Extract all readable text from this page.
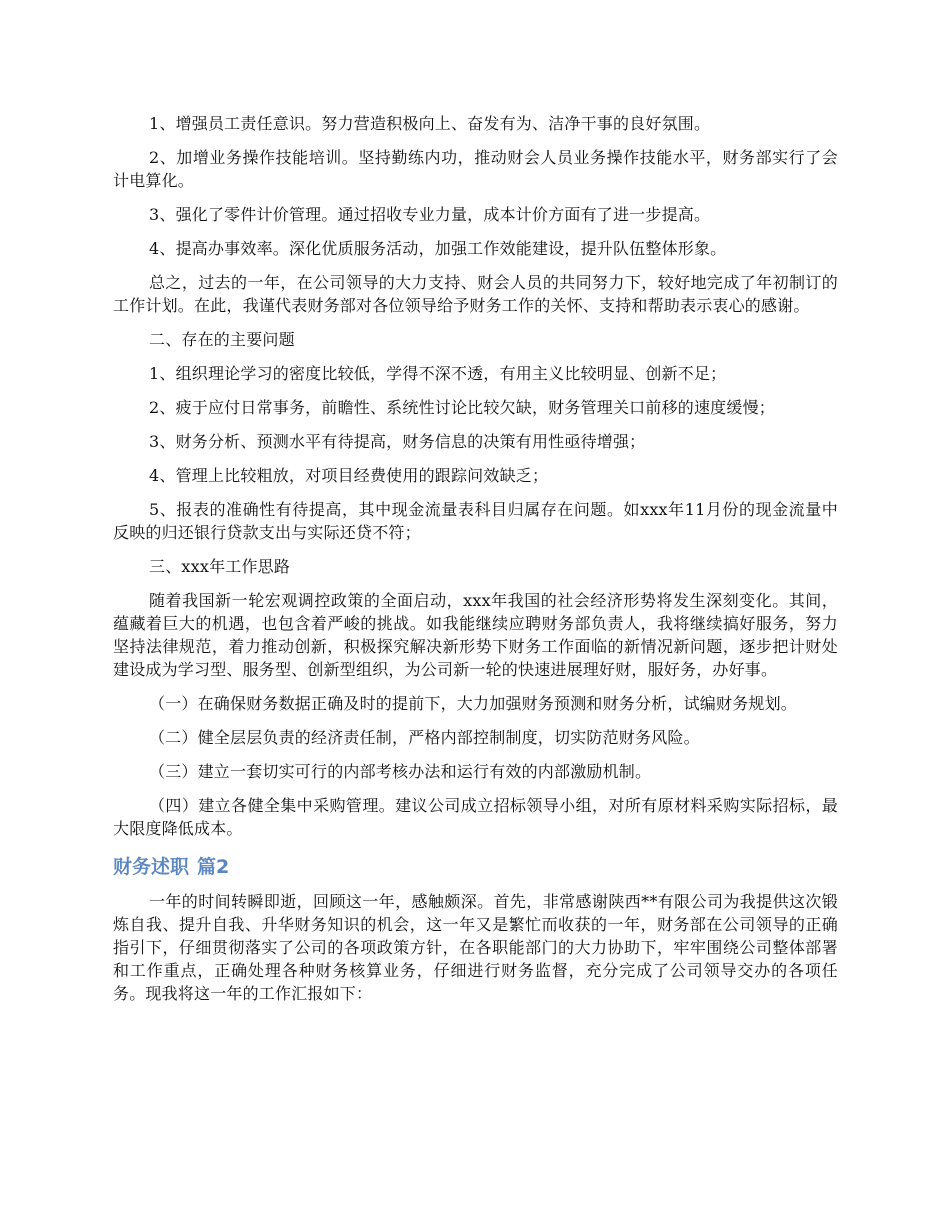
1、增强员工责任意识。努力营造积极向上、奋发有为、洁净干事的良好氛围。

2、加增业务操作技能培训。坚持勤练内功，推动财会人员业务操作技能水平，财务部实行了会计电算化。

3、强化了零件计价管理。通过招收专业力量，成本计价方面有了进一步提高。

4、提高办事效率。深化优质服务活动，加强工作效能建设，提升队伍整体形象。

总之，过去的一年，在公司领导的大力支持、财会人员的共同努力下，较好地完成了年初制订的工作计划。在此，我谨代表财务部对各位领导给予财务工作的关怀、支持和帮助表示衷心的感谢。

二、存在的主要问题

1、组织理论学习的密度比较低，学得不深不透，有用主义比较明显、创新不足；

2、疲于应付日常事务，前瞻性、系统性讨论比较欠缺，财务管理关口前移的速度缓慢；

3、财务分析、预测水平有待提高，财务信息的决策有用性亟待增强；

4、管理上比较粗放，对项目经费使用的跟踪问效缺乏；

5、报表的准确性有待提高，其中现金流量表科目归属存在问题。如xxx年11月份的现金流量中反映的归还银行贷款支出与实际还贷不符；

三、xxx年工作思路

随着我国新一轮宏观调控政策的全面启动，xxx年我国的社会经济形势将发生深刻变化。其间，蕴藏着巨大的机遇，也包含着严峻的挑战。如我能继续应聘财务部负责人，我将继续搞好服务，努力坚持法律规范，着力推动创新，积极探究解决新形势下财务工作面临的新情况新问题，逐步把计财处建设成为学习型、服务型、创新型组织，为公司新一轮的快速进展理好财，服好务，办好事。

（一）在确保财务数据正确及时的提前下，大力加强财务预测和财务分析，试编财务规划。

（二）健全层层负责的经济责任制，严格内部控制制度，切实防范财务风险。

（三）建立一套切实可行的内部考核办法和运行有效的内部激励机制。

（四）建立各健全集中采购管理。建议公司成立招标领导小组，对所有原材料采购实际招标，最大限度降低成本。

财务述职 篇2

一年的时间转瞬即逝，回顾这一年，感触颇深。首先，非常感谢陕西**有限公司为我提供这次锻炼自我、提升自我、升华财务知识的机会，这一年又是繁忙而收获的一年，财务部在公司领导的正确指引下，仔细贯彻落实了公司的各项政策方针，在各职能部门的大力协助下，牢牢围绕公司整体部署和工作重点，正确处理各种财务核算业务，仔细进行财务监督，充分完成了公司领导交办的各项任务。现我将这一年的工作汇报如下：
